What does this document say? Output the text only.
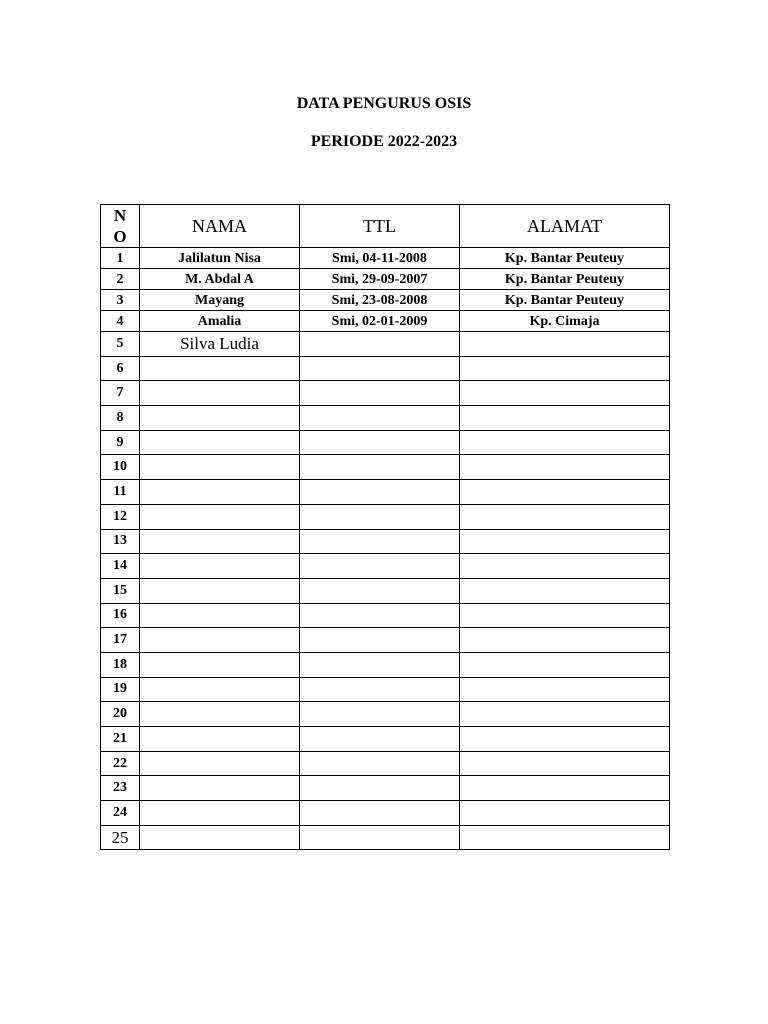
DATA PENGURUS OSIS
PERIODE 2022-2023
N
O	NAMA	TTL	ALAMAT
1	Jalilatun Nisa	Smi, 04-11-2008	Kp. Bantar Peuteuy
2	M. Abdal A	Smi, 29-09-2007	Kp. Bantar Peuteuy
3	Mayang	Smi, 23-08-2008	Kp. Bantar Peuteuy
4	Amalia	Smi, 02-01-2009	Kp. Cimaja
5	Silva Ludia		
6			
7			
8			
9			
10			
11			
12			
13			
14			
15			
16			
17			
18			
19			
20			
21			
22			
23			
24			
25			
